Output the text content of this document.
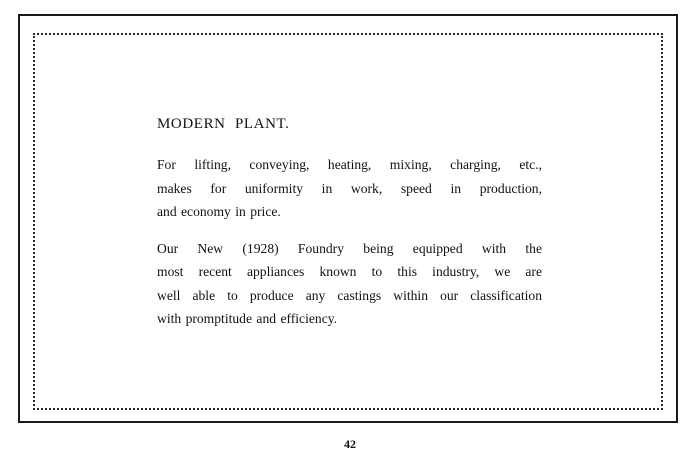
MODERN PLANT.

For lifting, conveying, heating, mixing, charging, etc.,
makes for uniformity in work, speed in production,
and economy in price.

Our New (1928) Foundry being equipped with the
most recent appliances known to this industry, we are
well able to produce any castings within our classification
with promptitude and efficiency.

42
